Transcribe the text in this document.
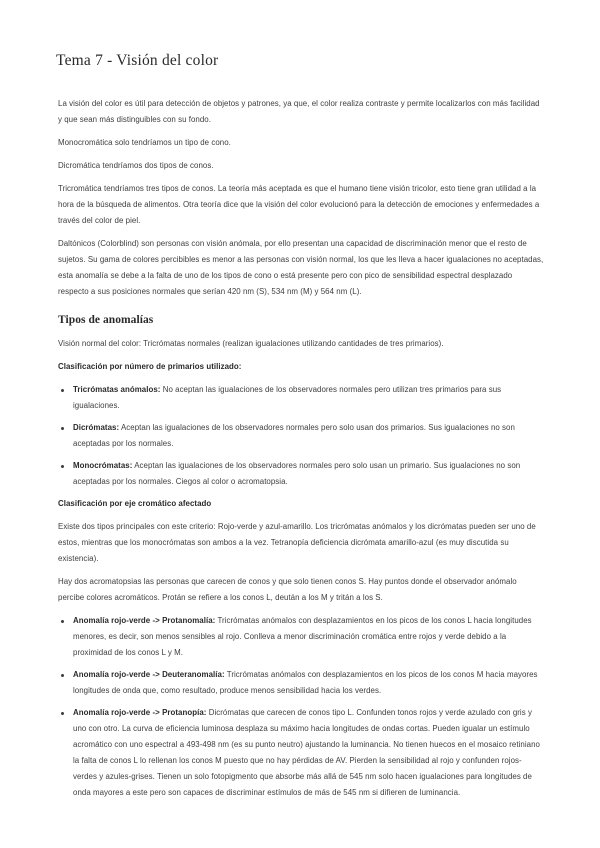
Tema 7 - Visión del color

La visión del color es útil para detección de objetos y patrones, ya que, el color realiza contraste y permite localizarlos con más facilidad y que sean más distinguibles con su fondo.

Monocromática solo tendríamos un tipo de cono.

Dicromática tendríamos dos tipos de conos.

Tricromática tendríamos tres tipos de conos. La teoría más aceptada es que el humano tiene visión tricolor, esto tiene gran utilidad a la hora de la búsqueda de alimentos. Otra teoría dice que la visión del color evolucionó para la detección de emociones y enfermedades a través del color de piel.

Daltónicos (Colorblind) son personas con visión anómala, por ello presentan una capacidad de discriminación menor que el resto de sujetos. Su gama de colores percibibles es menor a las personas con visión normal, los que les lleva a hacer igualaciones no aceptadas, esta anomalía se debe a la falta de uno de los tipos de cono o está presente pero con pico de sensibilidad espectral desplazado respecto a sus posiciones normales que serían 420 nm (S), 534 nm (M) y 564 nm (L).

Tipos de anomalías

Visión normal del color: Tricrómatas normales (realizan igualaciones utilizando cantidades de tres primarios).

Clasificación por número de primarios utilizado:

Tricrómatas anómalos: No aceptan las igualaciones de los observadores normales pero utilizan tres primarios para sus igualaciones.
Dicrómatas: Aceptan las igualaciones de los observadores normales pero solo usan dos primarios. Sus igualaciones no son aceptadas por los normales.
Monocrómatas: Aceptan las igualaciones de los observadores normales pero solo usan un primario. Sus igualaciones no son aceptadas por los normales. Ciegos al color o acromatopsia.

Clasificación por eje cromático afectado

Existe dos tipos principales con este criterio: Rojo-verde y azul-amarillo. Los tricrómatas anómalos y los dicrómatas pueden ser uno de estos, mientras que los monocrómatas son ambos a la vez. Tetranopía deficiencia dicrómata amarillo-azul (es muy discutida su existencia).

Hay dos acromatopsias las personas que carecen de conos y que solo tienen conos S. Hay puntos donde el observador anómalo percibe colores acromáticos. Protán se refiere a los conos L, deután a los M y tritán a los S.

Anomalía rojo-verde -> Protanomalía: Tricrómatas anómalos con desplazamientos en los picos de los conos L hacia longitudes menores, es decir, son menos sensibles al rojo. Conlleva a menor discriminación cromática entre rojos y verde debido a la proximidad de los conos L y M.
Anomalía rojo-verde -> Deuteranomalía: Tricrómatas anómalos con desplazamientos en los picos de los conos M hacia mayores longitudes de onda que, como resultado, produce menos sensibilidad hacia los verdes.
Anomalía rojo-verde -> Protanopía: Dicrómatas que carecen de conos tipo L. Confunden tonos rojos y verde azulado con gris y uno con otro. La curva de eficiencia luminosa desplaza su máximo hacia longitudes de ondas cortas. Pueden igualar un estímulo acromático con uno espectral a 493-498 nm (es su punto neutro) ajustando la luminancia. No tienen huecos en el mosaico retiniano la falta de conos L lo rellenan los conos M puesto que no hay pérdidas de AV. Pierden la sensibilidad al rojo y confunden rojos-verdes y azules-grises. Tienen un solo fotopigmento que absorbe más allá de 545 nm solo hacen igualaciones para longitudes de onda mayores a este pero son capaces de discriminar estímulos de más de 545 nm si difieren de luminancia.
